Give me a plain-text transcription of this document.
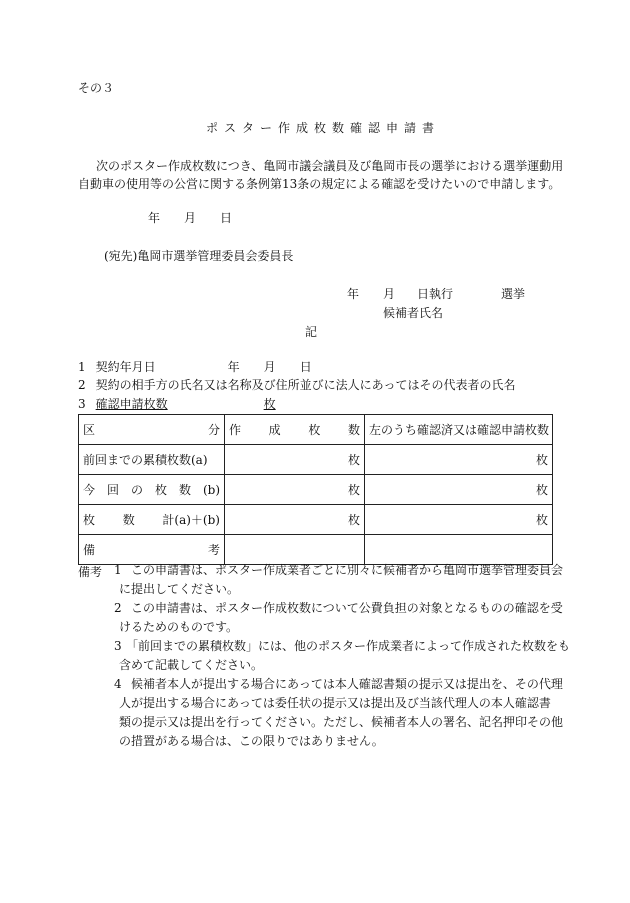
その３
ポスター作成枚数確認申請書
次のポスター作成枚数につき、亀岡市議会議員及び亀岡市長の選挙における選挙運動用
自動車の使用等の公営に関する条例第13条の規定による確認を受けたいので申請します。
年 月 日
(宛先)亀岡市選挙管理委員会委員長
年 月 日執行	選挙
候補者氏名
記
1 契約年月日	年 月 日
2 契約の相手方の氏名又は名称及び住所並びに法人にあってはその代表者の氏名
3 確認申請枚数	枚
区 分	作 成 枚 数	左のうち確認済又は確認申請枚数
前回までの累積枚数(a)	枚	枚
今　回　の　枚　数　(b)	枚	枚

枚 数 計(a)＋(b)	枚	枚

備 考		

備考 1 この申請書は、ポスター作成業者ごとに別々に候補者から亀岡市選挙管理委員会
に提出してください。
2 この申請書は、ポスター作成枚数について公費負担の対象となるものの確認を受
けるためのものです。
3 「前回までの累積枚数」には、他のポスター作成業者によって作成された枚数をも
含めて記載してください。
4 候補者本人が提出する場合にあっては本人確認書類の提示又は提出を、その代理
人が提出する場合にあっては委任状の提示又は提出及び当該代理人の本人確認書
類の提示又は提出を行ってください。ただし、候補者本人の署名、記名押印その他
の措置がある場合は、この限りではありません。
